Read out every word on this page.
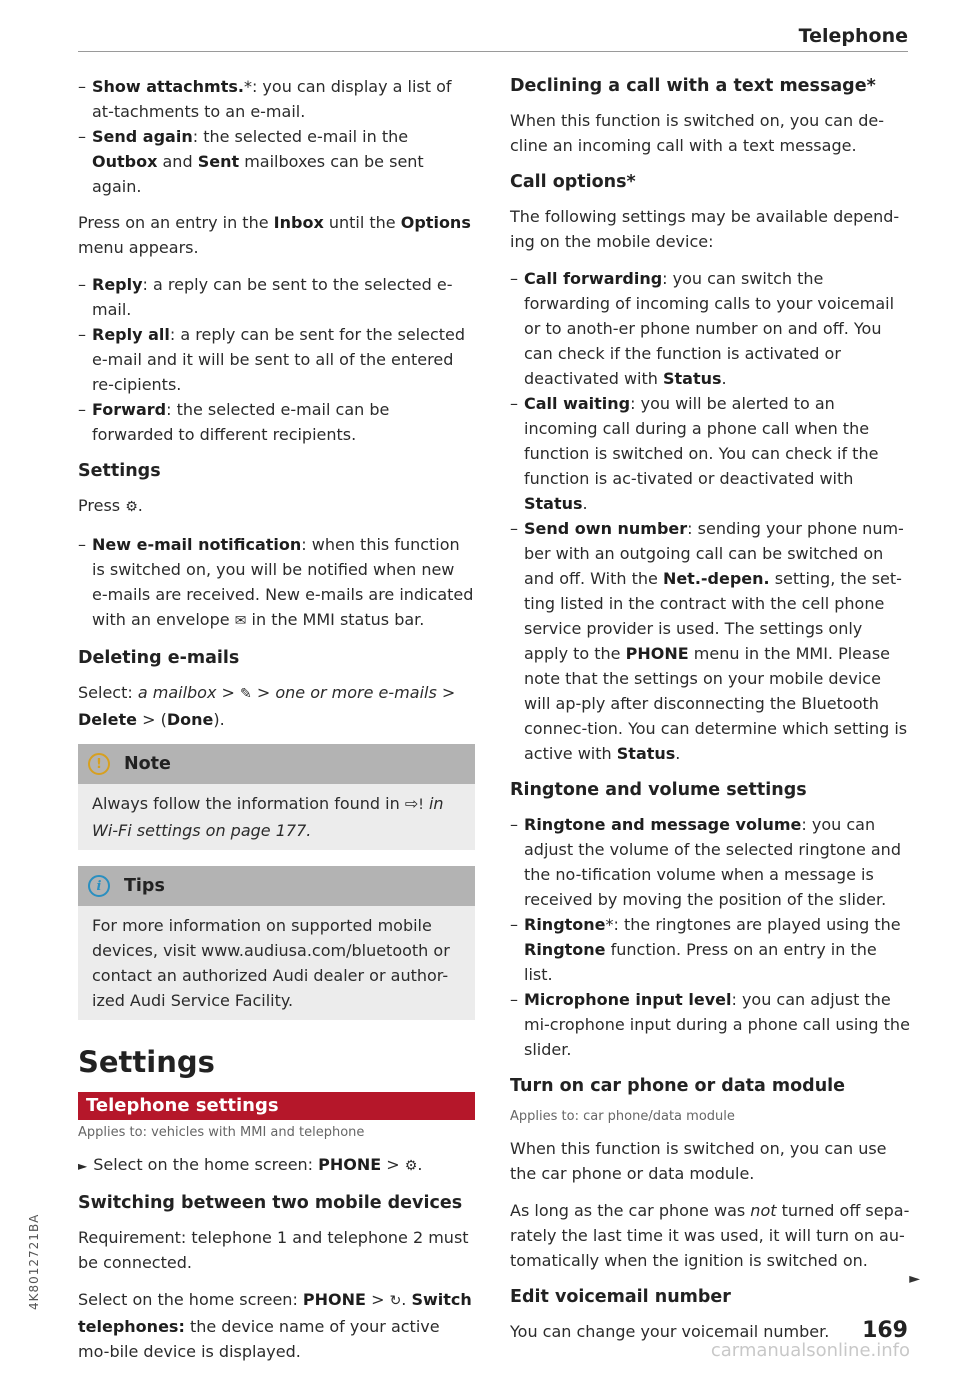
Telephone

– Show attachmts.*: you can display a list of at-tachments to an e-mail.

– Send again: the selected e-mail in the Outbox and Sent mailboxes can be sent again.

Press on an entry in the Inbox until the Options menu appears.

– Reply: a reply can be sent to the selected e-mail.

– Reply all: a reply can be sent for the selected e-mail and it will be sent to all of the entered re-cipients.

– Forward: the selected e-mail can be forwarded to different recipients.

Settings

Press ⚙.

– New e-mail notification: when this function is switched on, you will be notified when new e-mails are received. New e-mails are indicated with an envelope ✉ in the MMI status bar.

Deleting e-mails

Select: a mailbox > ✎ > one or more e-mails > Delete > (Done).

!	Note
Always follow the information found in ⇨! in Wi-Fi settings on page 177.
i	Tips
For more information on supported mobile devices, visit www.audiusa.com/bluetooth or contact an authorized Audi dealer or author-ized Audi Service Facility.
Settings
Telephone settings
Applies to: vehicles with MMI and telephone

► Select on the home screen: PHONE > ⚙.

Switching between two mobile devices

Requirement: telephone 1 and telephone 2 must be connected.

Select on the home screen: PHONE > ↻. Switch telephones: the device name of your active mo-bile device is displayed.

Declining a call with a text message*

When this function is switched on, you can de-cline an incoming call with a text message.

Call options*

The following settings may be available depend-ing on the mobile device:

– Call forwarding: you can switch the forwarding of incoming calls to your voicemail or to anoth-er phone number on and off. You can check if the function is activated or deactivated with Status.

– Call waiting: you will be alerted to an incoming call during a phone call when the function is switched on. You can check if the function is ac-tivated or deactivated with Status.

– Send own number: sending your phone num-ber with an outgoing call can be switched on and off. With the Net.-depen. setting, the set-ting listed in the contract with the cell phone service provider is used. The settings only apply to the PHONE menu in the MMI. Please note that the settings on your mobile device will ap-ply after disconnecting the Bluetooth connec-tion. You can determine which setting is active with Status.

Ringtone and volume settings

– Ringtone and message volume: you can adjust the volume of the selected ringtone and the no-tification volume when a message is received by moving the position of the slider.

– Ringtone*: the ringtones are played using the Ringtone function. Press on an entry in the list.

– Microphone input level: you can adjust the mi-crophone input during a phone call using the slider.

Turn on car phone or data module
Applies to: car phone/data module

When this function is switched on, you can use the car phone or data module.

As long as the car phone was not turned off sepa-rately the last time it was used, it will turn on au-tomatically when the ignition is switched on.

Edit voicemail number

You can change your voicemail number.

►
4K8012721BA
169
carmanualsonline.info
